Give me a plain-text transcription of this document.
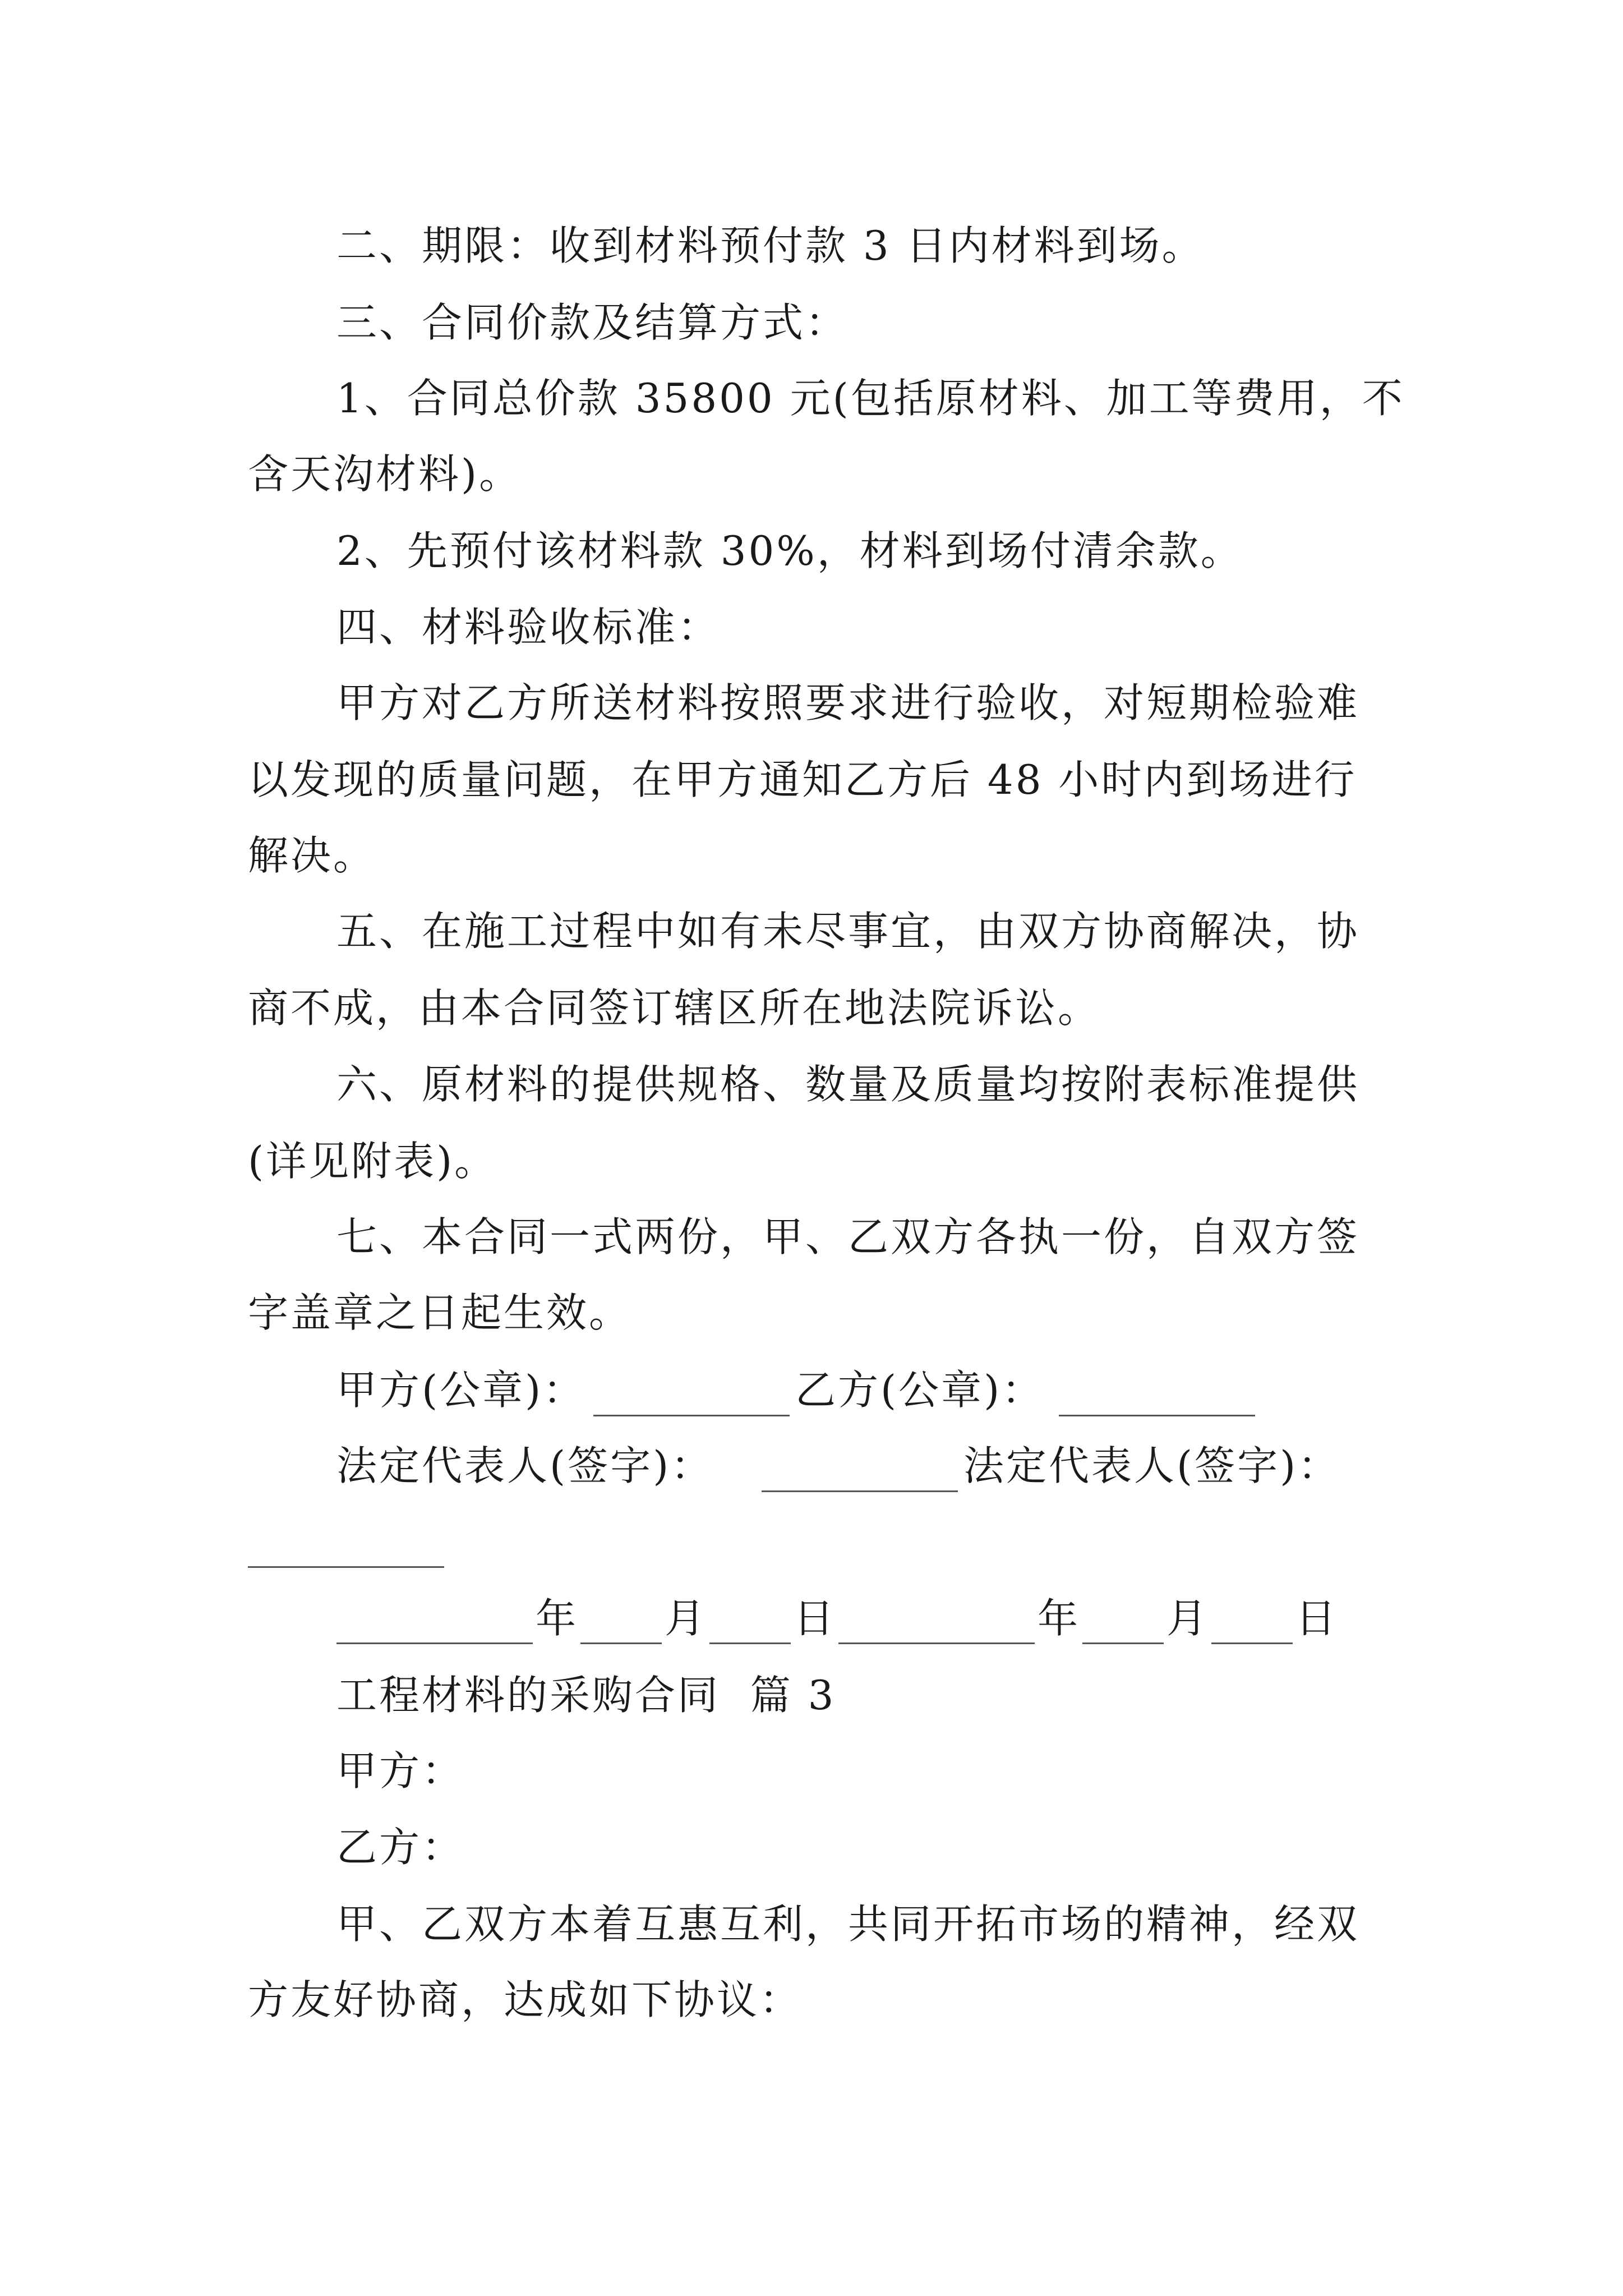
二、期限：收到材料预付款 3 日内材料到场。
三、合同价款及结算方式：
1、合同总价款 35800 元(包括原材料、加工等费用，不
含天沟材料)。
2、先预付该材料款 30%，材料到场付清余款。
四、材料验收标准：
甲方对乙方所送材料按照要求进行验收，对短期检验难
以发现的质量问题，在甲方通知乙方后 48 小时内到场进行
解决。
五、在施工过程中如有未尽事宜，由双方协商解决，协
商不成，由本合同签订辖区所在地法院诉讼。
六、原材料的提供规格、数量及质量均按附表标准提供
(详见附表)。
七、本合同一式两份，甲、乙双方各执一份，自双方签
字盖章之日起生效。
甲方(公章)：	乙方(公章)：
法定代表人(签字)：	法定代表人(签字)：
年 月 日	年 月 日
工程材料的采购合同  篇 3
甲方：
乙方：
甲、乙双方本着互惠互利，共同开拓市场的精神，经双
方友好协商，达成如下协议：
